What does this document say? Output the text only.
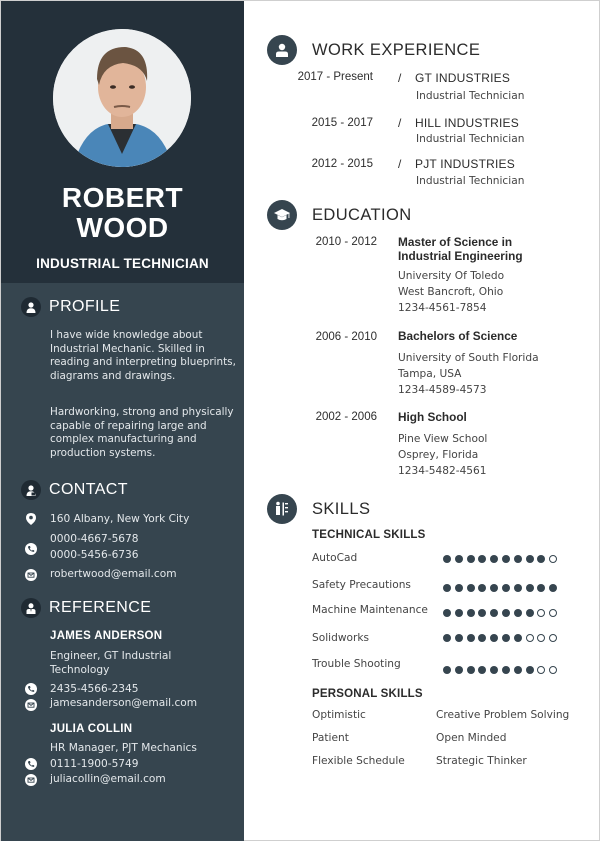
ROBERT
WOOD
INDUSTRIAL TECHNICIAN
PROFILE
I have wide knowledge about Industrial Mechanic. Skilled in reading and interpreting blueprints, diagrams and drawings.
Hardworking, strong and physically capable of repairing large and complex manufacturing and production systems.
CONTACT
160 Albany, New York City
0000-4667-5678
0000-5456-6736
robertwood@email.com
REFERENCE
JAMES ANDERSON
Engineer, GT Industrial
Technology
2435-4566-2345
jamesanderson@email.com
JULIA COLLIN
HR Manager, PJT Mechanics
0111-1900-5749
juliacollin@email.com
WORK EXPERIENCE
2017 - Present / GT INDUSTRIES
Industrial Technician
2015 - 2017 / HILL INDUSTRIES
Industrial Technician
2012 - 2015 / PJT INDUSTRIES
Industrial Technician
EDUCATION
2010 - 2012 Master of Science in
Industrial Engineering
University Of Toledo
West Bancroft, Ohio
1234-4561-7854
2006 - 2010 Bachelors of Science
University of South Florida
Tampa, USA
1234-4589-4573
2002 - 2006 High School
Pine View School
Osprey, Florida
1234-5482-4561
SKILLS
TECHNICAL SKILLS
AutoCad
Safety Precautions
Machine Maintenance
Solidworks
Trouble Shooting
PERSONAL SKILLS
Optimistic	Creative Problem Solving
Patient	Open Minded
Flexible Schedule	Strategic Thinker
